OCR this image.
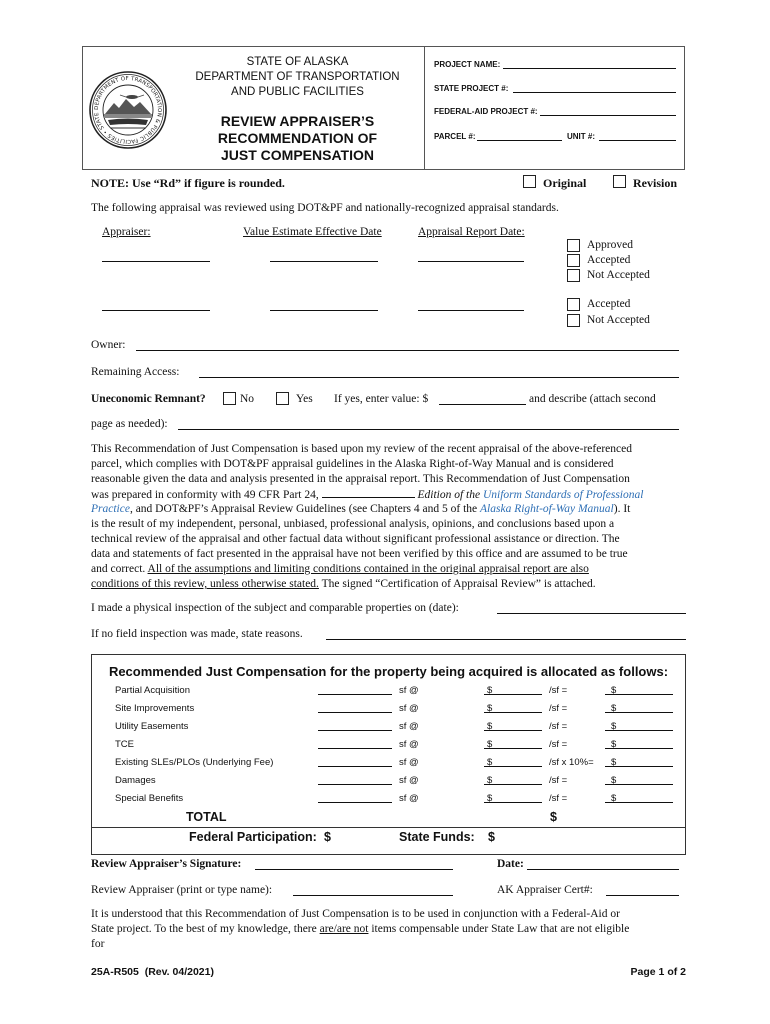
DEPARTMENT OF TRANSPORTATION & PUBLIC FACILITIES • STATE
STATE OF ALASKA
DEPARTMENT OF TRANSPORTATION
AND PUBLIC FACILITIES
REVIEW APPRAISER’S
RECOMMENDATION OF
JUST COMPENSATION
PROJECT NAME:
STATE PROJECT #:
FEDERAL-AID PROJECT #:
PARCEL #:	UNIT #:
NOTE: Use “Rd” if figure is rounded.	Original	Revision
The following appraisal was reviewed using DOT&PF and nationally-recognized appraisal standards.
Appraiser:	Value Estimate Effective Date	Appraisal Report Date:
Approved
Accepted
Not Accepted
Accepted
Not Accepted
Owner:
Remaining Access:
Uneconomic Remnant?	No	Yes If yes, enter value: $	and describe (attach second
page as needed):
This Recommendation of Just Compensation is based upon my review of the recent appraisal of the above-referenced
parcel, which complies with DOT&PF appraisal guidelines in the Alaska Right-of-Way Manual and is considered
reasonable given the data and analysis presented in the appraisal report. This Recommendation of Just Compensation
was prepared in conformity with 49 CFR Part 24,	Edition of the Uniform Standards of Professional
Practice, and DOT&PF’s Appraisal Review Guidelines (see Chapters 4 and 5 of the Alaska Right-of-Way Manual). It
is the result of my independent, personal, unbiased, professional analysis, opinions, and conclusions based upon a
technical review of the appraisal and other factual data without significant professional assistance or direction. The
data and statements of fact presented in the appraisal have not been verified by this office and are assumed to be true
and correct. All of the assumptions and limiting conditions contained in the original appraisal report are also
conditions of this review, unless otherwise stated. The signed “Certification of Appraisal Review” is attached.
I made a physical inspection of the subject and comparable properties on (date):
If no field inspection was made, state reasons.
Recommended Just Compensation for the property being acquired is allocated as follows:
Partial Acquisition	sf @	$	/sf =	$
Site Improvements	sf @	$	/sf =	$
Utility Easements	sf @	$	/sf =	$
TCE	sf @	$	/sf =	$
Existing SLEs/PLOs (Underlying Fee)	sf @	$	/sf x 10%= $
Damages	sf @	$	/sf =	$
Special Benefits	sf @	$	/sf =	$
TOTAL	$
Federal Participation: $	State Funds: $
Review Appraiser’s Signature:	Date:
Review Appraiser (print or type name):	AK Appraiser Cert#:
It is understood that this Recommendation of Just Compensation is to be used in conjunction with a Federal-Aid or
State project. To the best of my knowledge, there are/are not items compensable under State Law that are not eligible
for
25A-R505  (Rev. 04/2021)	Page 1 of 2
